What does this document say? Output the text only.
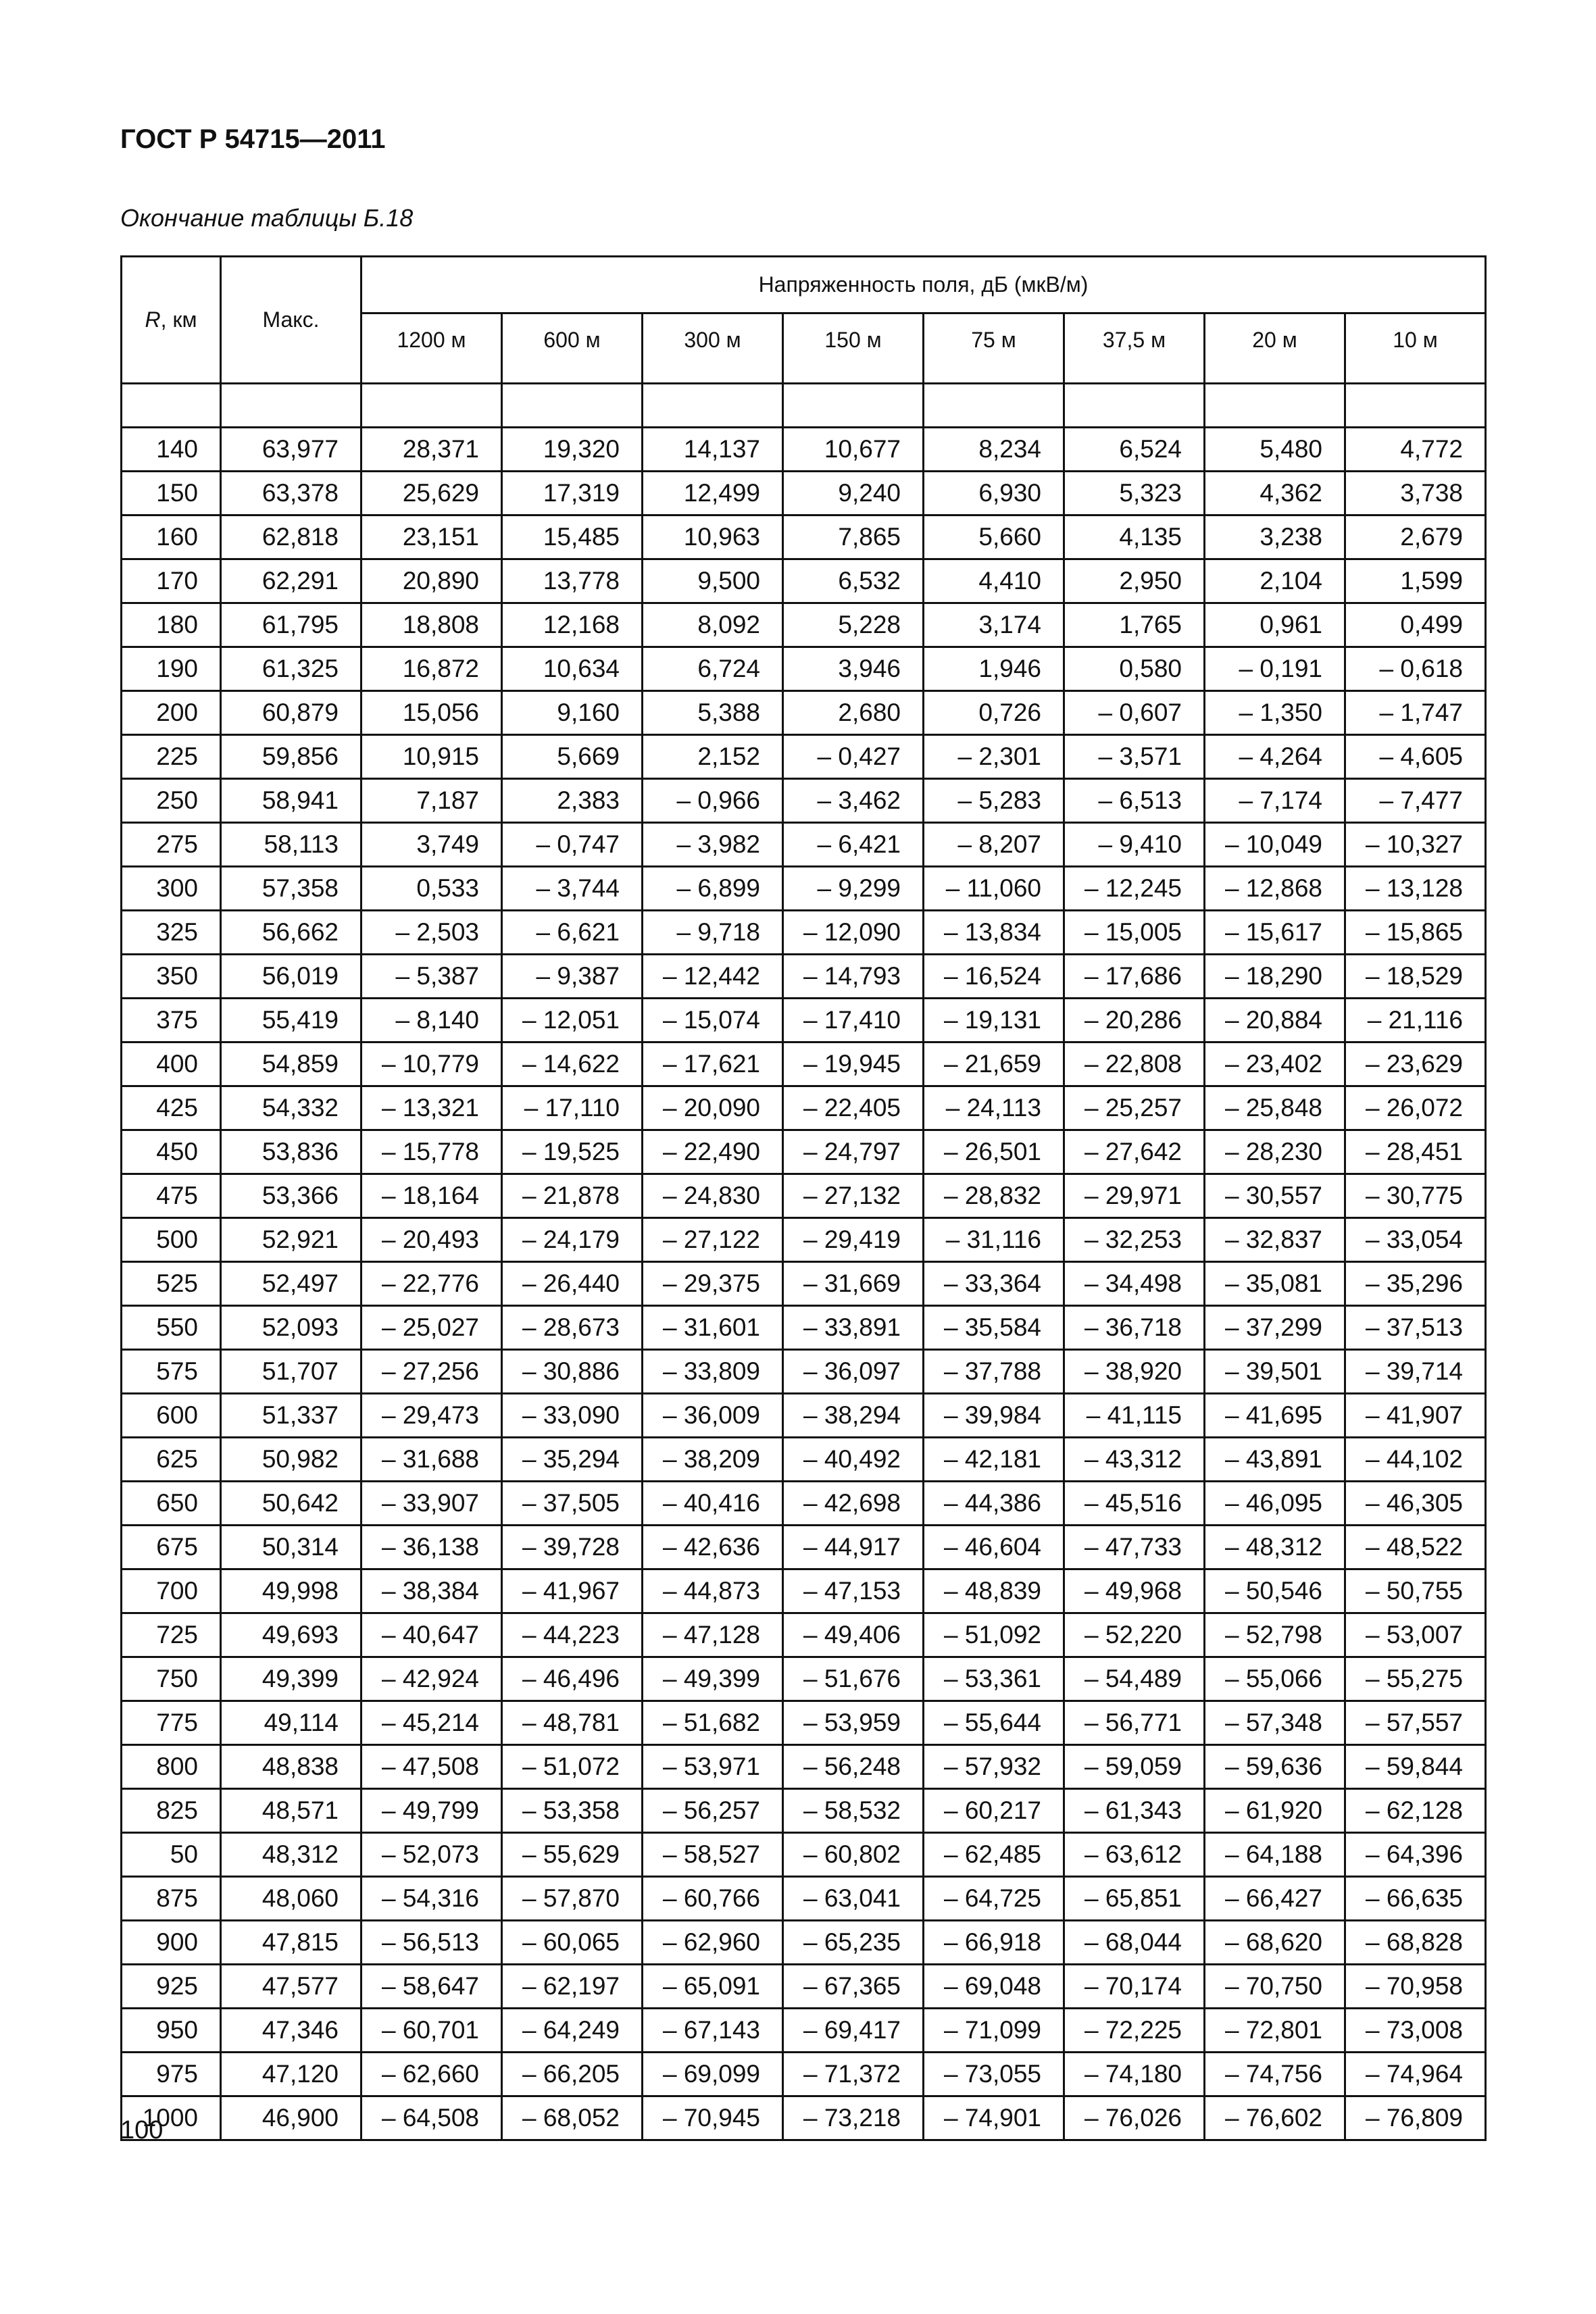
ГОСТ Р 54715—2011
Окончание таблицы Б.18
R, км	Макс.	Напряженность поля, дБ (мкВ/м)							
		1200 м	600 м	300 м	150 м	75 м	37,5 м	20 м	10 м

140	63,977	28,371	19,320	14,137	10,677	8,234	6,524	5,480	4,772
150	63,378	25,629	17,319	12,499	9,240	6,930	5,323	4,362	3,738
160	62,818	23,151	15,485	10,963	7,865	5,660	4,135	3,238	2,679
170	62,291	20,890	13,778	9,500	6,532	4,410	2,950	2,104	1,599
180	61,795	18,808	12,168	8,092	5,228	3,174	1,765	0,961	0,499
190	61,325	16,872	10,634	6,724	3,946	1,946	0,580	– 0,191	– 0,618
200	60,879	15,056	9,160	5,388	2,680	0,726	– 0,607	– 1,350	– 1,747
225	59,856	10,915	5,669	2,152	– 0,427	– 2,301	– 3,571	– 4,264	– 4,605
250	58,941	7,187	2,383	– 0,966	– 3,462	– 5,283	– 6,513	– 7,174	– 7,477
275	58,113	3,749	– 0,747	– 3,982	– 6,421	– 8,207	– 9,410	– 10,049	– 10,327
300	57,358	0,533	– 3,744	– 6,899	– 9,299	– 11,060	– 12,245	– 12,868	– 13,128
325	56,662	– 2,503	– 6,621	– 9,718	– 12,090	– 13,834	– 15,005	– 15,617	– 15,865
350	56,019	– 5,387	– 9,387	– 12,442	– 14,793	– 16,524	– 17,686	– 18,290	– 18,529
375	55,419	– 8,140	– 12,051	– 15,074	– 17,410	– 19,131	– 20,286	– 20,884	– 21,116
400	54,859	– 10,779	– 14,622	– 17,621	– 19,945	– 21,659	– 22,808	– 23,402	– 23,629
425	54,332	– 13,321	– 17,110	– 20,090	– 22,405	– 24,113	– 25,257	– 25,848	– 26,072
450	53,836	– 15,778	– 19,525	– 22,490	– 24,797	– 26,501	– 27,642	– 28,230	– 28,451
475	53,366	– 18,164	– 21,878	– 24,830	– 27,132	– 28,832	– 29,971	– 30,557	– 30,775
500	52,921	– 20,493	– 24,179	– 27,122	– 29,419	– 31,116	– 32,253	– 32,837	– 33,054
525	52,497	– 22,776	– 26,440	– 29,375	– 31,669	– 33,364	– 34,498	– 35,081	– 35,296
550	52,093	– 25,027	– 28,673	– 31,601	– 33,891	– 35,584	– 36,718	– 37,299	– 37,513
575	51,707	– 27,256	– 30,886	– 33,809	– 36,097	– 37,788	– 38,920	– 39,501	– 39,714
600	51,337	– 29,473	– 33,090	– 36,009	– 38,294	– 39,984	– 41,115	– 41,695	– 41,907
625	50,982	– 31,688	– 35,294	– 38,209	– 40,492	– 42,181	– 43,312	– 43,891	– 44,102
650	50,642	– 33,907	– 37,505	– 40,416	– 42,698	– 44,386	– 45,516	– 46,095	– 46,305
675	50,314	– 36,138	– 39,728	– 42,636	– 44,917	– 46,604	– 47,733	– 48,312	– 48,522
700	49,998	– 38,384	– 41,967	– 44,873	– 47,153	– 48,839	– 49,968	– 50,546	– 50,755
725	49,693	– 40,647	– 44,223	– 47,128	– 49,406	– 51,092	– 52,220	– 52,798	– 53,007
750	49,399	– 42,924	– 46,496	– 49,399	– 51,676	– 53,361	– 54,489	– 55,066	– 55,275
775	49,114	– 45,214	– 48,781	– 51,682	– 53,959	– 55,644	– 56,771	– 57,348	– 57,557
800	48,838	– 47,508	– 51,072	– 53,971	– 56,248	– 57,932	– 59,059	– 59,636	– 59,844
825	48,571	– 49,799	– 53,358	– 56,257	– 58,532	– 60,217	– 61,343	– 61,920	– 62,128
50	48,312	– 52,073	– 55,629	– 58,527	– 60,802	– 62,485	– 63,612	– 64,188	– 64,396
875	48,060	– 54,316	– 57,870	– 60,766	– 63,041	– 64,725	– 65,851	– 66,427	– 66,635
900	47,815	– 56,513	– 60,065	– 62,960	– 65,235	– 66,918	– 68,044	– 68,620	– 68,828
925	47,577	– 58,647	– 62,197	– 65,091	– 67,365	– 69,048	– 70,174	– 70,750	– 70,958
950	47,346	– 60,701	– 64,249	– 67,143	– 69,417	– 71,099	– 72,225	– 72,801	– 73,008
975	47,120	– 62,660	– 66,205	– 69,099	– 71,372	– 73,055	– 74,180	– 74,756	– 74,964
1000	46,900	– 64,508	– 68,052	– 70,945	– 73,218	– 74,901	– 76,026	– 76,602	– 76,809
100
